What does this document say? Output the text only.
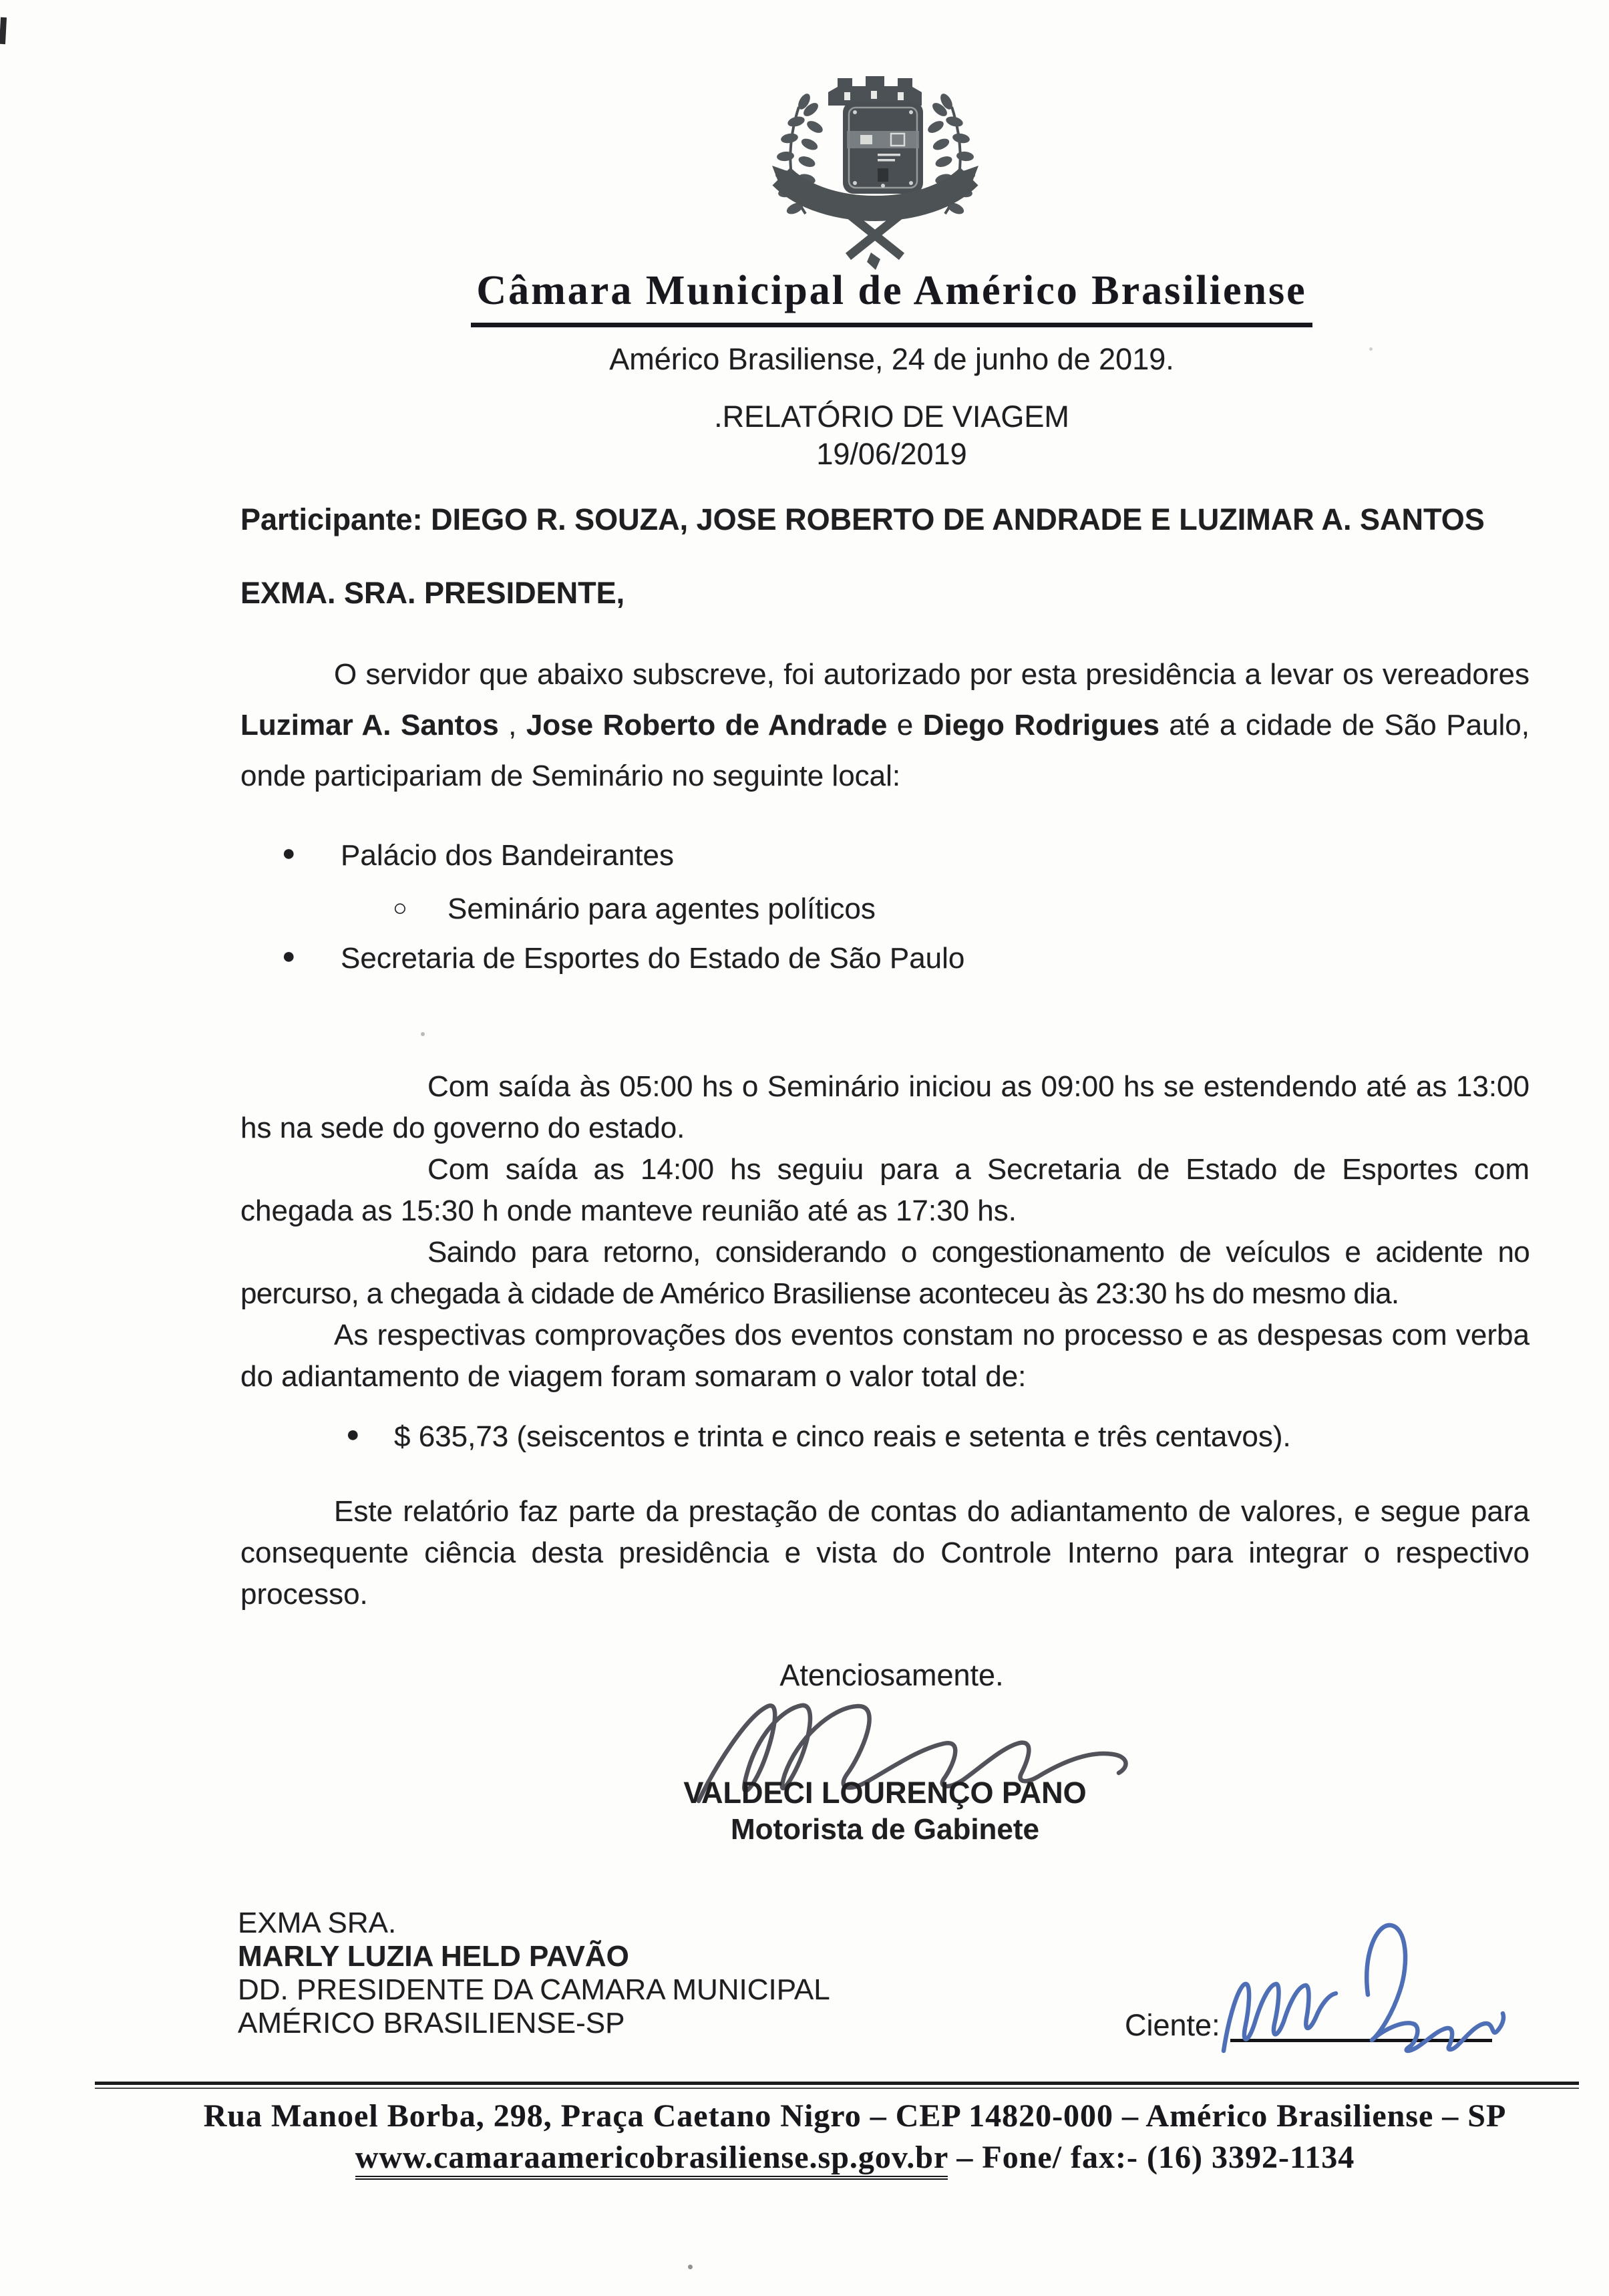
Câmara Municipal de Américo Brasiliense
Américo Brasiliense, 24 de junho de 2019.
.RELATÓRIO DE VIAGEM
19/06/2019
Participante: DIEGO R. SOUZA, JOSE ROBERTO DE ANDRADE E LUZIMAR A. SANTOS
EXMA. SRA. PRESIDENTE,

O servidor que abaixo subscreve, foi autorizado por esta presidência a levar os vereadores Luzimar A. Santos , Jose Roberto de Andrade e Diego Rodrigues até a cidade de São Paulo, onde participariam de Seminário no seguinte local:

● Palácio dos Bandeirantes
○ Seminário para agentes políticos
● Secretaria de Esportes do Estado de São Paulo

Com saída às 05:00 hs o Seminário iniciou as 09:00 hs se estendendo até as 13:00 hs na sede do governo do estado.

Com saída as 14:00 hs seguiu para a Secretaria de Estado de Esportes com chegada as 15:30 h onde manteve reunião até as 17:30 hs.

Saindo para retorno, considerando o congestionamento de veículos e acidente no percurso, a chegada à cidade de Américo Brasiliense aconteceu às 23:30 hs do mesmo dia.

As respectivas comprovações dos eventos constam no processo e as despesas com verba do adiantamento de viagem foram somaram o valor total de:

● $ 635,73 (seiscentos e trinta e cinco reais e setenta e três centavos).

Este relatório faz parte da prestação de contas do adiantamento de valores, e segue para consequente ciência desta presidência e vista do Controle Interno para integrar o respectivo processo.

Atenciosamente.
VALDECI LOURENÇO PANO
Motorista de Gabinete
EXMA SRA.
MARLY LUZIA HELD PAVÃO
DD. PRESIDENTE DA CAMARA MUNICIPAL
AMÉRICO BRASILIENSE-SP	Ciente:
Rua Manoel Borba, 298, Praça Caetano Nigro – CEP 14820-000 – Américo Brasiliense – SP
www.camaraamericobrasiliense.sp.gov.br – Fone/ fax:- (16) 3392-1134
